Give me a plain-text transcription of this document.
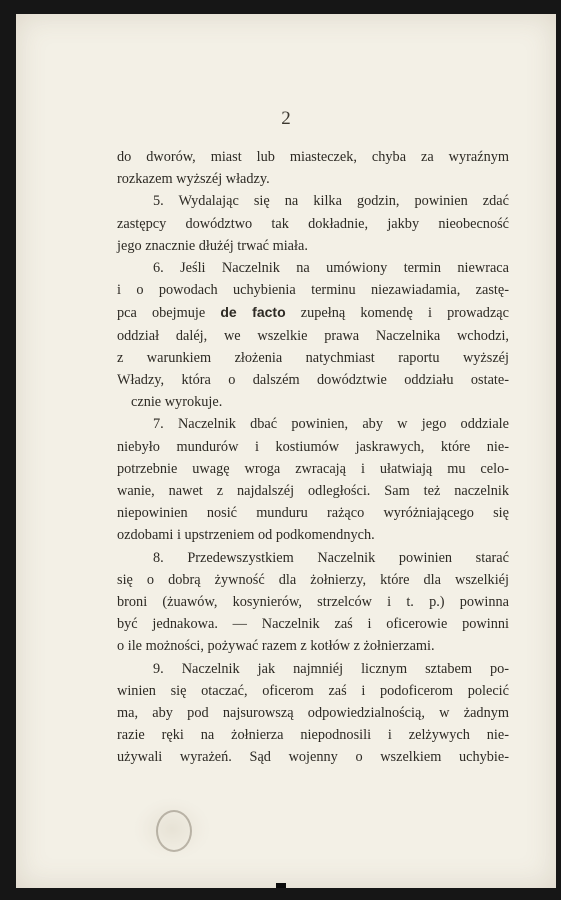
2
do dworów, miast lub miasteczek, chyba za wyraźnym
rozkazem wyższéj władzy.
5. Wydalając się na kilka godzin, powinien zdać
zastępcy dowództwo tak dokładnie, jakby nieobecność
jego znacznie dłużéj trwać miała.
6. Jeśli Naczelnik na umówiony termin niewraca
i o powodach uchybienia terminu niezawiadamia, zastę-
pca obejmuje de facto zupełną komendę i prowadząc
oddział daléj, we wszelkie prawa Naczelnika wchodzi,
z warunkiem złożenia natychmiast raportu wyższéj
Władzy, która o dalszém dowództwie oddziału ostate-
cznie wyrokuje.
7. Naczelnik dbać powinien, aby w jego oddziale
niebyło mundurów i kostiumów jaskrawych, które nie-
potrzebnie uwagę wroga zwracają i ułatwiają mu celo-
wanie, nawet z najdalszéj odległości. Sam też naczelnik
niepowinien nosić munduru rażąco wyróżniającego się
ozdobami i upstrzeniem od podkomendnych.
8. Przedewszystkiem Naczelnik powinien starać
się o dobrą żywność dla żołnierzy, które dla wszelkiéj
broni (żuawów, kosynierów, strzelców i t. p.) powinna
być jednakowa. — Naczelnik zaś i oficerowie powinni
o ile możności, pożywać razem z kotłów z żołnierzami.
9. Naczelnik jak najmniéj licznym sztabem po-
winien się otaczać, oficerom zaś i podoficerom polecić
ma, aby pod najsurowszą odpowiedzialnością, w żadnym
razie ręki na żołnierza niepodnosili i zelżywych nie-
używali wyrażeń. Sąd wojenny o wszelkiem uchybie-
